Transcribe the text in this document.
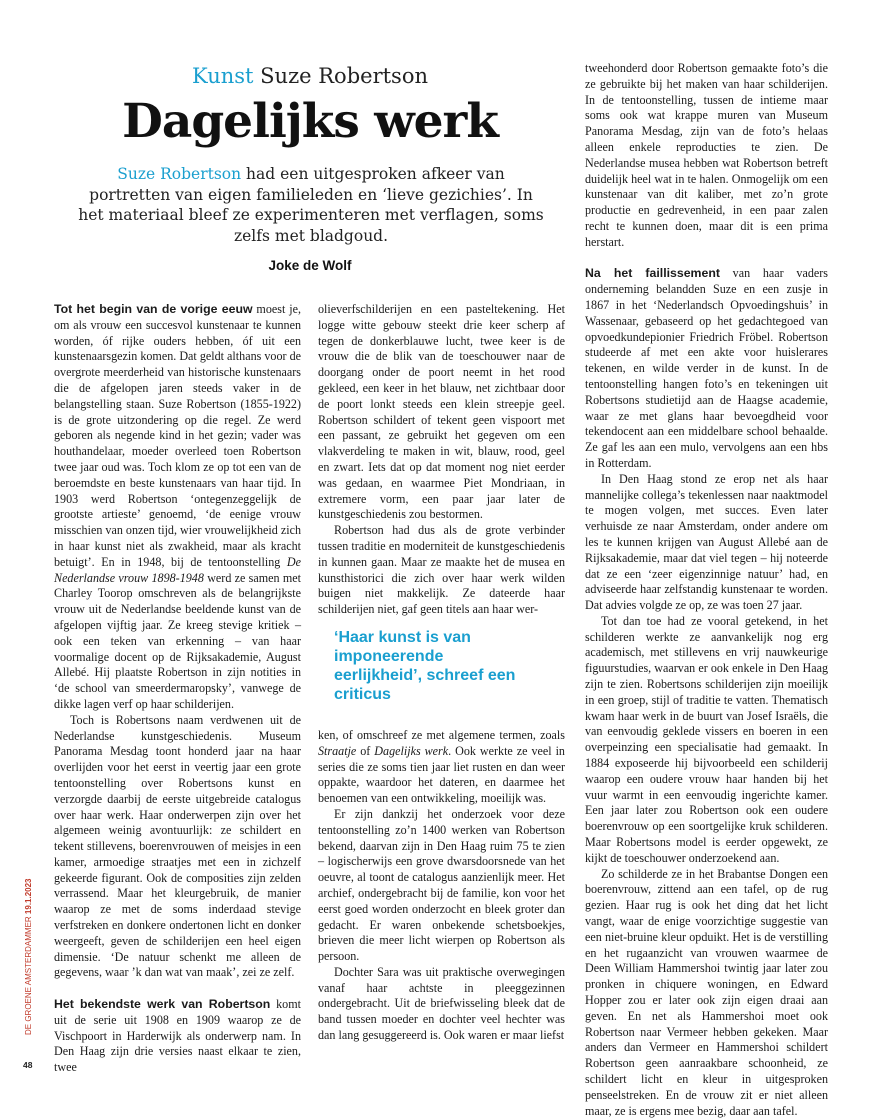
Kunst Suze Robertson
Dagelijks werk
Suze Robertson had een uitgesproken afkeer van portretten van eigen familieleden en ‘lieve gezichies’. In het materiaal bleef ze experimenteren met verflagen, soms zelfs met bladgoud.
Joke de Wolf

Tot het begin van de vorige eeuw moest je, om als vrouw een succesvol kunstenaar te kunnen worden, óf rijke ouders hebben, óf uit een kunstenaarsgezin komen. Dat geldt althans voor de overgrote meerderheid van historische kunstenaars die de afgelopen jaren steeds vaker in de belangstelling staan. Suze Robertson (1855-1922) is de grote uitzondering op die regel. Ze werd geboren als negende kind in het gezin; vader was houthandelaar, moeder overleed toen Robertson twee jaar oud was. Toch klom ze op tot een van de beroemdste en beste kunstenaars van haar tijd. In 1903 werd Robertson ‘ontegenzeggelijk de grootste artieste’ genoemd, ‘de eenige vrouw misschien van onzen tijd, wier vrouwelijkheid zich in haar kunst niet als zwakheid, maar als kracht betuigt’. En in 1948, bij de tentoonstelling De Nederlandse vrouw 1898-1948 werd ze samen met Charley Toorop omschreven als de belangrijkste vrouw uit de Nederlandse beeldende kunst van de afgelopen vijftig jaar. Ze kreeg stevige kritiek – ook een teken van erkenning – van haar voormalige docent op de Rijksakademie, August Allebé. Hij plaatste Robertson in zijn notities in ‘de school van smeerdermaropsky’, vanwege de dikke lagen verf op haar schilderijen.

Toch is Robertsons naam verdwenen uit de Nederlandse kunstgeschiedenis. Museum Panorama Mesdag toont honderd jaar na haar overlijden voor het eerst in veertig jaar een grote tentoonstelling over Robertsons kunst en verzorgde daarbij de eerste uitgebreide catalogus over haar werk. Haar onderwerpen zijn over het algemeen weinig avontuurlijk: ze schildert en tekent stillevens, boerenvrouwen of meisjes in een kamer, armoedige straatjes met een in zichzelf gekeerde figurant. Ook de composities zijn zelden verrassend. Maar het kleurgebruik, de manier waarop ze met de soms inderdaad stevige verfstreken en donkere ondertonen licht en donker weergeeft, geven de schilderijen een heel eigen dimensie. ‘De natuur schenkt me alleen de gegevens, waar ’k dan wat van maak’, zei ze zelf.

Het bekendste werk van Robertson komt uit de serie uit 1908 en 1909 waarop ze de Vischpoort in Harderwijk als onderwerp nam. In Den Haag zijn drie versies naast elkaar te zien, twee

olieverfschilderijen en een pasteltekening. Het logge witte gebouw steekt drie keer scherp af tegen de donkerblauwe lucht, twee keer is de vrouw die de blik van de toeschouwer naar de doorgang onder de poort neemt in het rood gekleed, een keer in het blauw, net zichtbaar door de poort lonkt steeds een klein streepje geel. Robertson schildert of tekent geen vispoort met een passant, ze gebruikt het gegeven om een vlakverdeling te maken in wit, blauw, rood, geel en zwart. Iets dat op dat moment nog niet eerder was gedaan, en waarmee Piet Mondriaan, in extremere vorm, een paar jaar later de kunstgeschiedenis zou bestormen.

Robertson had dus als de grote verbinder tussen traditie en moderniteit de kunstgeschiedenis in kunnen gaan. Maar ze maakte het de musea en kunsthistorici die zich over haar werk wilden buigen niet makkelijk. Ze dateerde haar schilderijen niet, gaf geen titels aan haar wer-

ken, of omschreef ze met algemene termen, zoals Straatje of Dagelijks werk. Ook werkte ze veel in series die ze soms tien jaar liet rusten en dan weer oppakte, waardoor het dateren, en daarmee het benoemen van een ontwikkeling, moeilijk was.

Er zijn dankzij het onderzoek voor deze tentoonstelling zo’n 1400 werken van Robertson bekend, daarvan zijn in Den Haag ruim 75 te zien – logischerwijs een grove dwarsdoorsnede van het oeuvre, al toont de catalogus aanzienlijk meer. Het archief, ondergebracht bij de familie, kon voor het eerst goed worden onderzocht en bleek groter dan gedacht. Er waren onbekende schetsboekjes, brieven die meer licht wierpen op Robertson als persoon.

Dochter Sara was uit praktische overwegingen vanaf haar achtste in pleeggezinnen ondergebracht. Uit de briefwisseling bleek dat de band tussen moeder en dochter veel hechter was dan lang gesuggereerd is. Ook waren er maar liefst

‘Haar kunst is van imponeerende eerlijkheid’, schreef een criticus

tweehonderd door Robertson gemaakte foto’s die ze gebruikte bij het maken van haar schilderijen. In de tentoonstelling, tussen de intieme maar soms ook wat krappe muren van Museum Panorama Mesdag, zijn van de foto’s helaas alleen enkele reproducties te zien. De Nederlandse musea hebben wat Robertson betreft duidelijk heel wat in te halen. Onmogelijk om een kunstenaar van dit kaliber, met zo’n grote productie en gedrevenheid, in een paar zalen recht te kunnen doen, maar dit is een prima herstart.

Na het faillissement van haar vaders onderneming belandden Suze en een zusje in 1867 in het ‘Nederlandsch Opvoedingshuis’ in Wassenaar, gebaseerd op het gedachtegoed van opvoedkundepionier Friedrich Fröbel. Robertson studeerde af met een akte voor huislerares tekenen, en wilde verder in de kunst. In de tentoonstelling hangen foto’s en tekeningen uit Robertsons studietijd aan de Haagse academie, waar ze met glans haar bevoegdheid voor tekendocent aan een middelbare school behaalde. Ze gaf les aan een mulo, vervolgens aan een hbs in Rotterdam.

In Den Haag stond ze erop net als haar mannelijke collega’s tekenlessen naar naaktmodel te mogen volgen, met succes. Even later verhuisde ze naar Amsterdam, onder andere om les te kunnen krijgen van August Allebé aan de Rijksakademie, maar dat viel tegen – hij noteerde dat ze een ‘zeer eigenzinnige natuur’ had, en adviseerde haar zelfstandig kunstenaar te worden. Dat advies volgde ze op, ze was toen 27 jaar.

Tot dan toe had ze vooral getekend, in het schilderen werkte ze aanvankelijk nog erg academisch, met stillevens en vrij nauwkeurige figuurstudies, waarvan er ook enkele in Den Haag zijn te zien. Robertsons schilderijen zijn moeilijk in een groep, stijl of traditie te vatten. Thematisch kwam haar werk in de buurt van Josef Israëls, die van eenvoudig geklede vissers en boeren in een overpeinzing een specialisatie had gemaakt. In 1884 exposeerde hij bijvoorbeeld een schilderij waarop een oudere vrouw haar handen bij het vuur warmt in een eenvoudig ingerichte kamer. Een jaar later zou Robertson ook een oudere boerenvrouw op een soortgelijke kruk schilderen. Maar Robertsons model is eerder opgewekt, ze kijkt de toeschouwer onderzoekend aan.

Zo schilderde ze in het Brabantse Dongen een boerenvrouw, zittend aan een tafel, op de rug gezien. Haar rug is ook het ding dat het licht vangt, waar de enige voorzichtige suggestie van een niet-bruine kleur opduikt. Het is de verstilling en het rugaanzicht van vrouwen waarmee de Deen William Hammershoi twintig jaar later zou pronken in chiquere woningen, en Edward Hopper zou er later ook zijn eigen draai aan geven. En net als Hammershoi moet ook Robertson naar Vermeer hebben gekeken. Maar anders dan Vermeer en Hammershoi schildert Robertson geen aanraakbare schoonheid, ze schildert licht en kleur in uitgesproken penseelstreken. En de vrouw zit er niet alleen maar, ze is ergens mee bezig, daar aan tafel.

DE GROENE AMSTERDAMMER 19.1.2023
48
